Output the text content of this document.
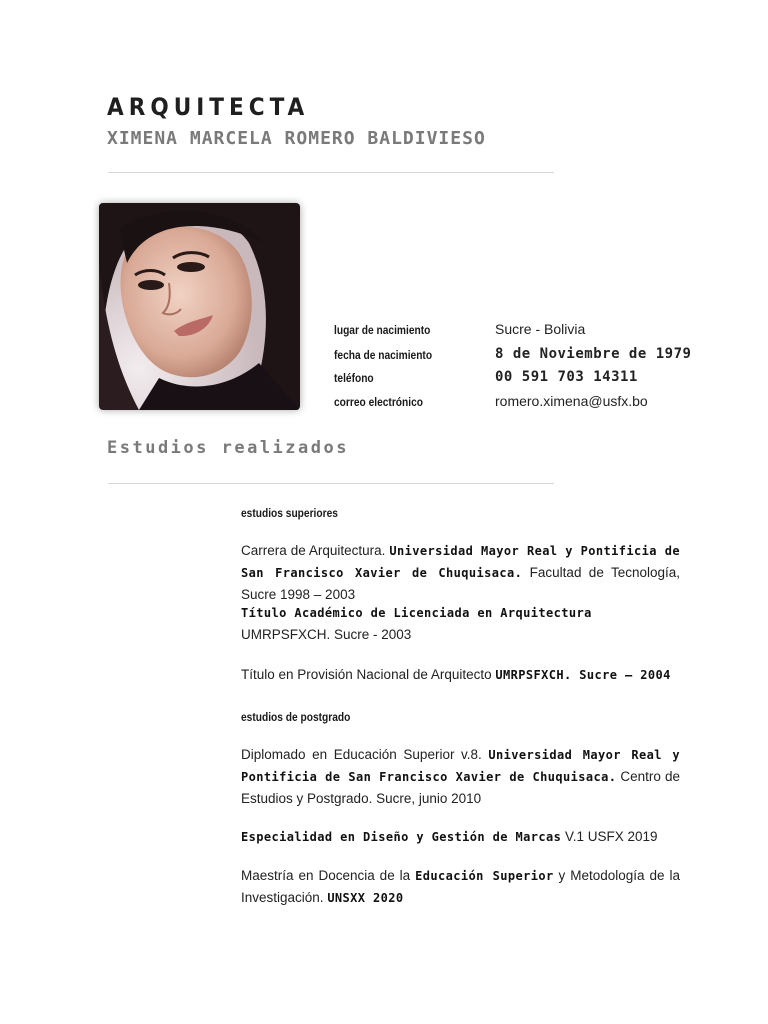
ARQUITECTA
XIMENA MARCELA ROMERO BALDIVIESO
lugar de nacimiento	Sucre - Bolivia
fecha de nacimiento	8 de Noviembre de 1979
teléfono	00 591 703 14311
correo electrónico	romero.ximena@usfx.bo
Estudios realizados
estudios superiores

Carrera de Arquitectura. Universidad Mayor Real y Pontificia de San Francisco Xavier de Chuquisaca. Facultad de Tecnología, Sucre 1998 – 2003

Título Académico de Licenciada en Arquitectura
UMRPSFXCH. Sucre - 2003

Título en Provisión Nacional de Arquitecto UMRPSFXCH. Sucre – 2004

estudios de postgrado

Diplomado en Educación Superior v.8. Universidad Mayor Real y Pontificia de San Francisco Xavier de Chuquisaca. Centro de Estudios y Postgrado. Sucre, junio 2010

Especialidad en Diseño y Gestión de Marcas V.1 USFX 2019

Maestría en Docencia de la Educación Superior y Metodología de la Investigación. UNSXX 2020
